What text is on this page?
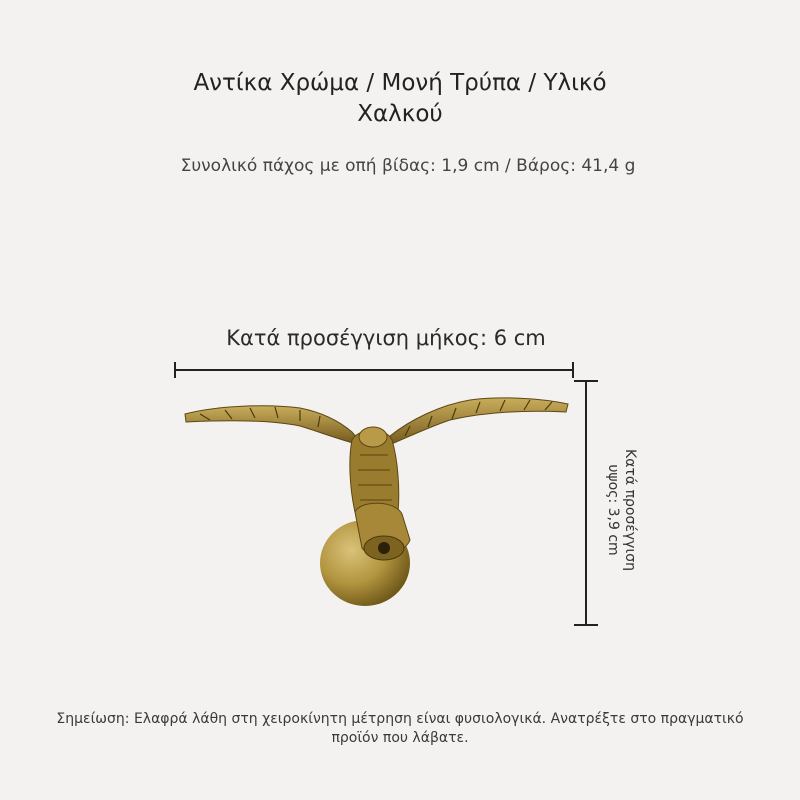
Αντίκα Χρώμα / Μονή Τρύπα / Υλικό
Χαλκού
Συνολικό πάχος με οπή βίδας: 1,9 cm / Βάρος: 41,4 g
Κατά προσέγγιση μήκος: 6 cm
Κατά προσέγγιση
υψος: 3,9 cm
Σημείωση: Ελαφρά λάθη στη χειροκίνητη μέτρηση είναι φυσιολογικά. Ανατρέξτε στο πραγματικό προϊόν που λάβατε.
